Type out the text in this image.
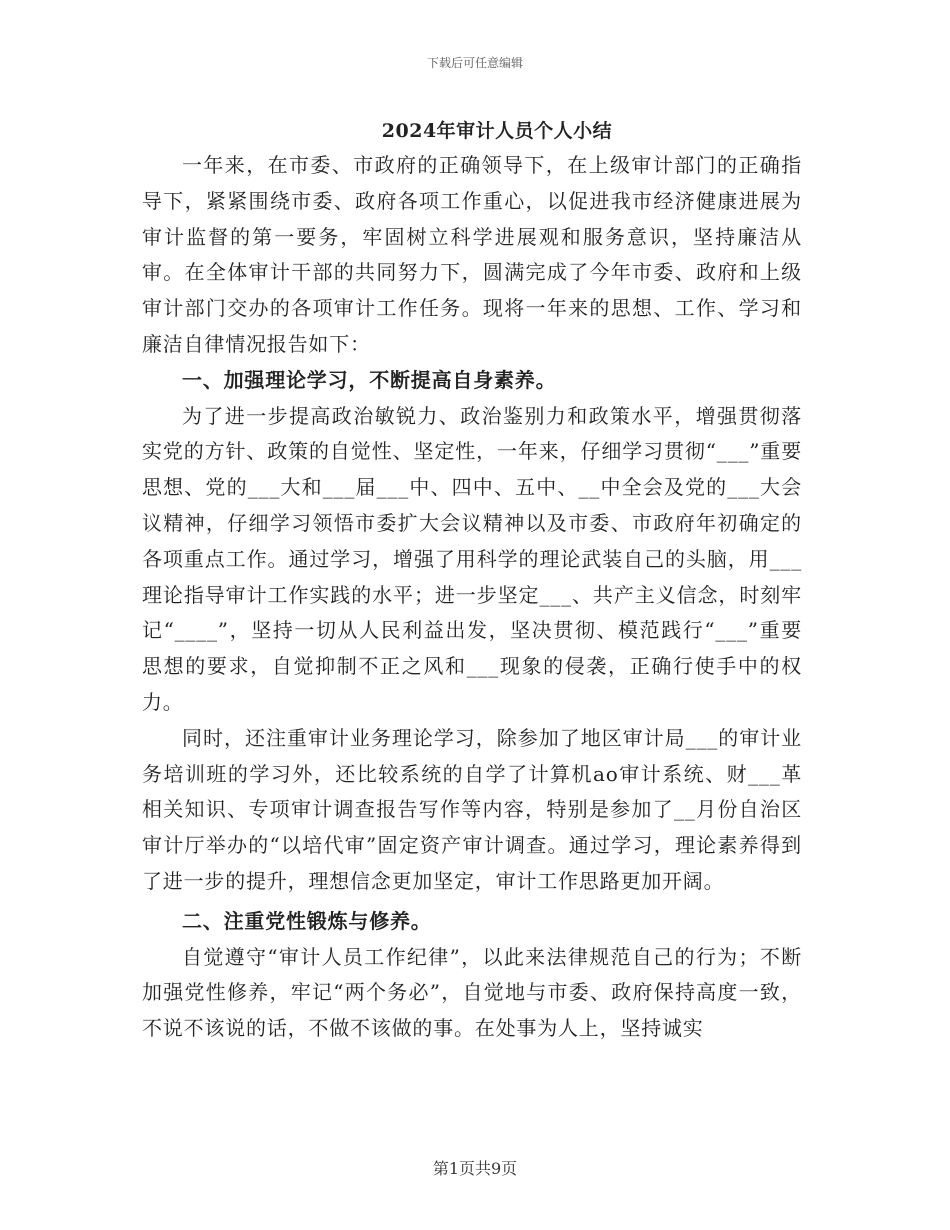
下载后可任意编辑
2024年审计人员个人小结

一年来，在市委、市政府的正确领导下，在上级审计部门的正确指导下，紧紧围绕市委、政府各项工作重心，以促进我市经济健康进展为审计监督的第一要务，牢固树立科学进展观和服务意识，坚持廉洁从审。在全体审计干部的共同努力下，圆满完成了今年市委、政府和上级审计部门交办的各项审计工作任务。现将一年来的思想、工作、学习和廉洁自律情况报告如下：

一、加强理论学习，不断提高自身素养。

为了进一步提高政治敏锐力、政治鉴别力和政策水平，增强贯彻落实党的方针、政策的自觉性、坚定性，一年来，仔细学习贯彻“___”重要思想、党的___大和___届___中、四中、五中、__中全会及党的___大会议精神，仔细学习领悟市委扩大会议精神以及市委、市政府年初确定的各项重点工作。通过学习，增强了用科学的理论武装自己的头脑，用___理论指导审计工作实践的水平；进一步坚定___、共产主义信念，时刻牢记“____”，坚持一切从人民利益出发，坚决贯彻、模范践行“___”重要思想的要求，自觉抑制不正之风和___现象的侵袭，正确行使手中的权力。

同时，还注重审计业务理论学习，除参加了地区审计局___的审计业务培训班的学习外，还比较系统的自学了计算机ao审计系统、财___革相关知识、专项审计调查报告写作等内容，特别是参加了__月份自治区审计厅举办的“以培代审”固定资产审计调查。通过学习，理论素养得到了进一步的提升，理想信念更加坚定，审计工作思路更加开阔。

二、注重党性锻炼与修养。

自觉遵守“审计人员工作纪律”，以此来法律规范自己的行为；不断加强党性修养，牢记“两个务必”，自觉地与市委、政府保持高度一致，不说不该说的话，不做不该做的事。在处事为人上，坚持诚实

第1页共9页
